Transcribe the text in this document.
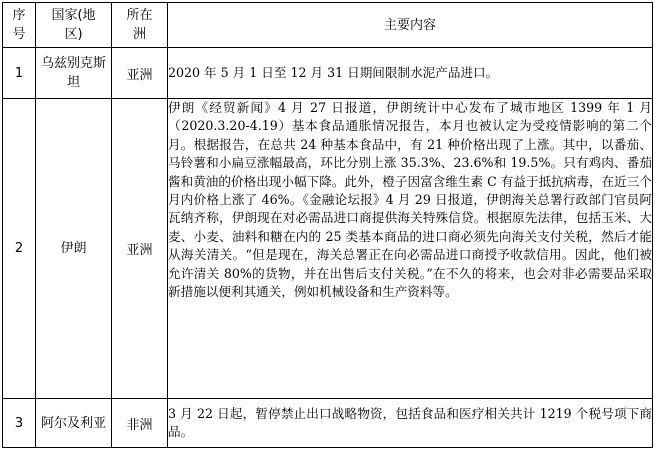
序号	国家(地区)	所在洲	主要内容
1	乌兹别克斯坦	亚洲	2020 年 5 月 1 日至 12 月 31 日期间限制水泥产品进口。
2	伊朗	亚洲	伊朗《经贸新闻》4 月 27 日报道，伊朗统计中心发布了城市地区 1399 年 1 月（2020.3.20-4.19）基本食品通胀情况报告，本月也被认定为受疫情影响的第二个月。根据报告，在总共 24 种基本食品中，有 21 种价格出现了上涨。其中，以番茄、马铃薯和小扁豆涨幅最高，环比分别上涨 35.3%、23.6%和 19.5%。只有鸡肉、番茄酱和黄油的价格出现小幅下降。此外，橙子因富含维生素 C 有益于抵抗病毒，在近三个月内价格上涨了 46%。《金融论坛报》4 月 29 日报道，伊朗海关总署行政部门官员阿瓦纳齐称，伊朗现在对必需品进口商提供海关特殊信贷。根据原先法律，包括玉米、大麦、小麦、油料和糖在内的 25 类基本商品的进口商必须先向海关支付关税，然后才能从海关清关。“但是现在，海关总署正在向必需品进口商授予收款信用。因此，他们被允许清关 80%的货物，并在出售后支付关税。”在不久的将来，也会对非必需要品采取新措施以便利其通关，例如机械设备和生产资料等。
3	阿尔及利亚	非洲	3 月 22 日起，暂停禁止出口战略物资，包括食品和医疗相关共计 1219 个税号项下商品。
